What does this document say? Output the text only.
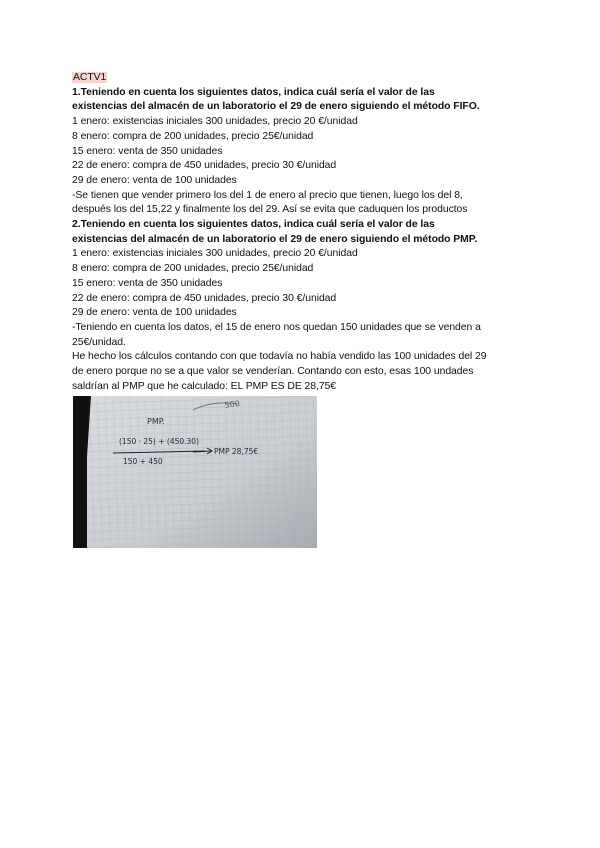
ACTV1
1.Teniendo en cuenta los siguientes datos, indica cuál sería el valor de las
existencias del almacén de un laboratorio el 29 de enero siguiendo el método FIFO.
1 enero: existencias iniciales 300 unidades, precio 20 €/unidad
8 enero: compra de 200 unidades, precio 25€/unidad
15 enero: venta de 350 unidades
22 de enero: compra de 450 unidades, precio 30 €/unidad
29 de enero: venta de 100 unidades
-Se tienen que vender primero los del 1 de enero al precio que tienen, luego los del 8,
después los del 15,22 y finalmente los del 29. Así se evita que caduquen los productos
2.Teniendo en cuenta los siguientes datos, indica cuál sería el valor de las
existencias del almacén de un laboratorio el 29 de enero siguiendo el método PMP.
1 enero: existencias iniciales 300 unidades, precio 20 €/unidad
8 enero: compra de 200 unidades, precio 25€/unidad
15 enero: venta de 350 unidades
22 de enero: compra de 450 unidades, precio 30 €/unidad
29 de enero: venta de 100 unidades
-Teniendo en cuenta los datos, el 15 de enero nos quedan 150 unidades que se venden a
25€/unidad.
He hecho los cálculos contando con que todavía no había vendido las 100 unidades del 29
de enero porque no se a que valor se venderían. Contando con esto, esas 100 undades
saldrían al PMP que he calculado: EL PMP ES DE 28,75€
500
PMP.
(150 · 25) + (450.30)
150 + 450
PMP 28,75€
